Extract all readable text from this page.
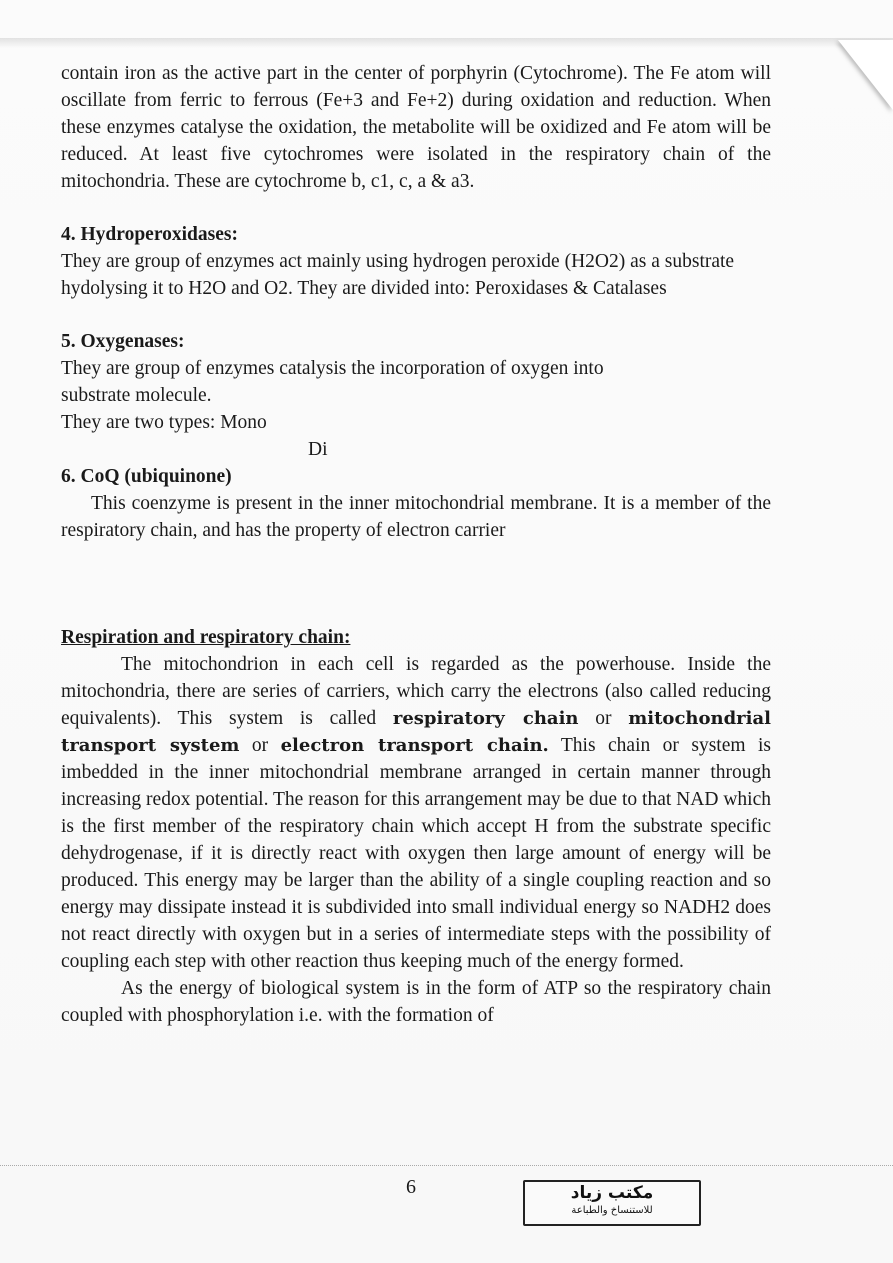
contain iron as the active part in the center of porphyrin (Cytochrome). The Fe atom will oscillate from ferric to ferrous (Fe+3 and Fe+2) during oxidation and reduction. When these enzymes catalyse the oxidation, the metabolite will be oxidized and Fe atom will be reduced. At least five cytochromes were isolated in the respiratory chain of the mitochondria. These are cytochrome b, c1, c, a & a3.

4. Hydroperoxidases:

They are group of enzymes act mainly using hydrogen peroxide (H2O2) as a substrate hydolysing it to H2O and O2. They are divided into: Peroxidases & Catalases

5. Oxygenases:

They are group of enzymes catalysis the incorporation of oxygen into

substrate molecule.

They are two types: Mono

Di

6. CoQ (ubiquinone)

This coenzyme is present in the inner mitochondrial membrane. It is a member of the respiratory chain, and has the property of electron carrier

Respiration and respiratory chain:

The mitochondrion in each cell is regarded as the powerhouse. Inside the mitochondria, there are series of carriers, which carry the electrons (also called reducing equivalents). This system is called respiratory chain or mitochondrial transport system or electron transport chain. This chain or system is imbedded in the inner mitochondrial membrane arranged in certain manner through increasing redox potential. The reason for this arrangement may be due to that NAD which is the first member of the respiratory chain which accept H from the substrate specific dehydrogenase, if it is directly react with oxygen then large amount of energy will be produced. This energy may be larger than the ability of a single coupling reaction and so energy may dissipate instead it is subdivided into small individual energy so NADH2 does not react directly with oxygen but in a series of intermediate steps with the possibility of coupling each step with other reaction thus keeping much of the energy formed.

As the energy of biological system is in the form of ATP so the respiratory chain coupled with phosphorylation i.e. with the formation of

6	مكتب زياد
للاستنساخ والطباعة
